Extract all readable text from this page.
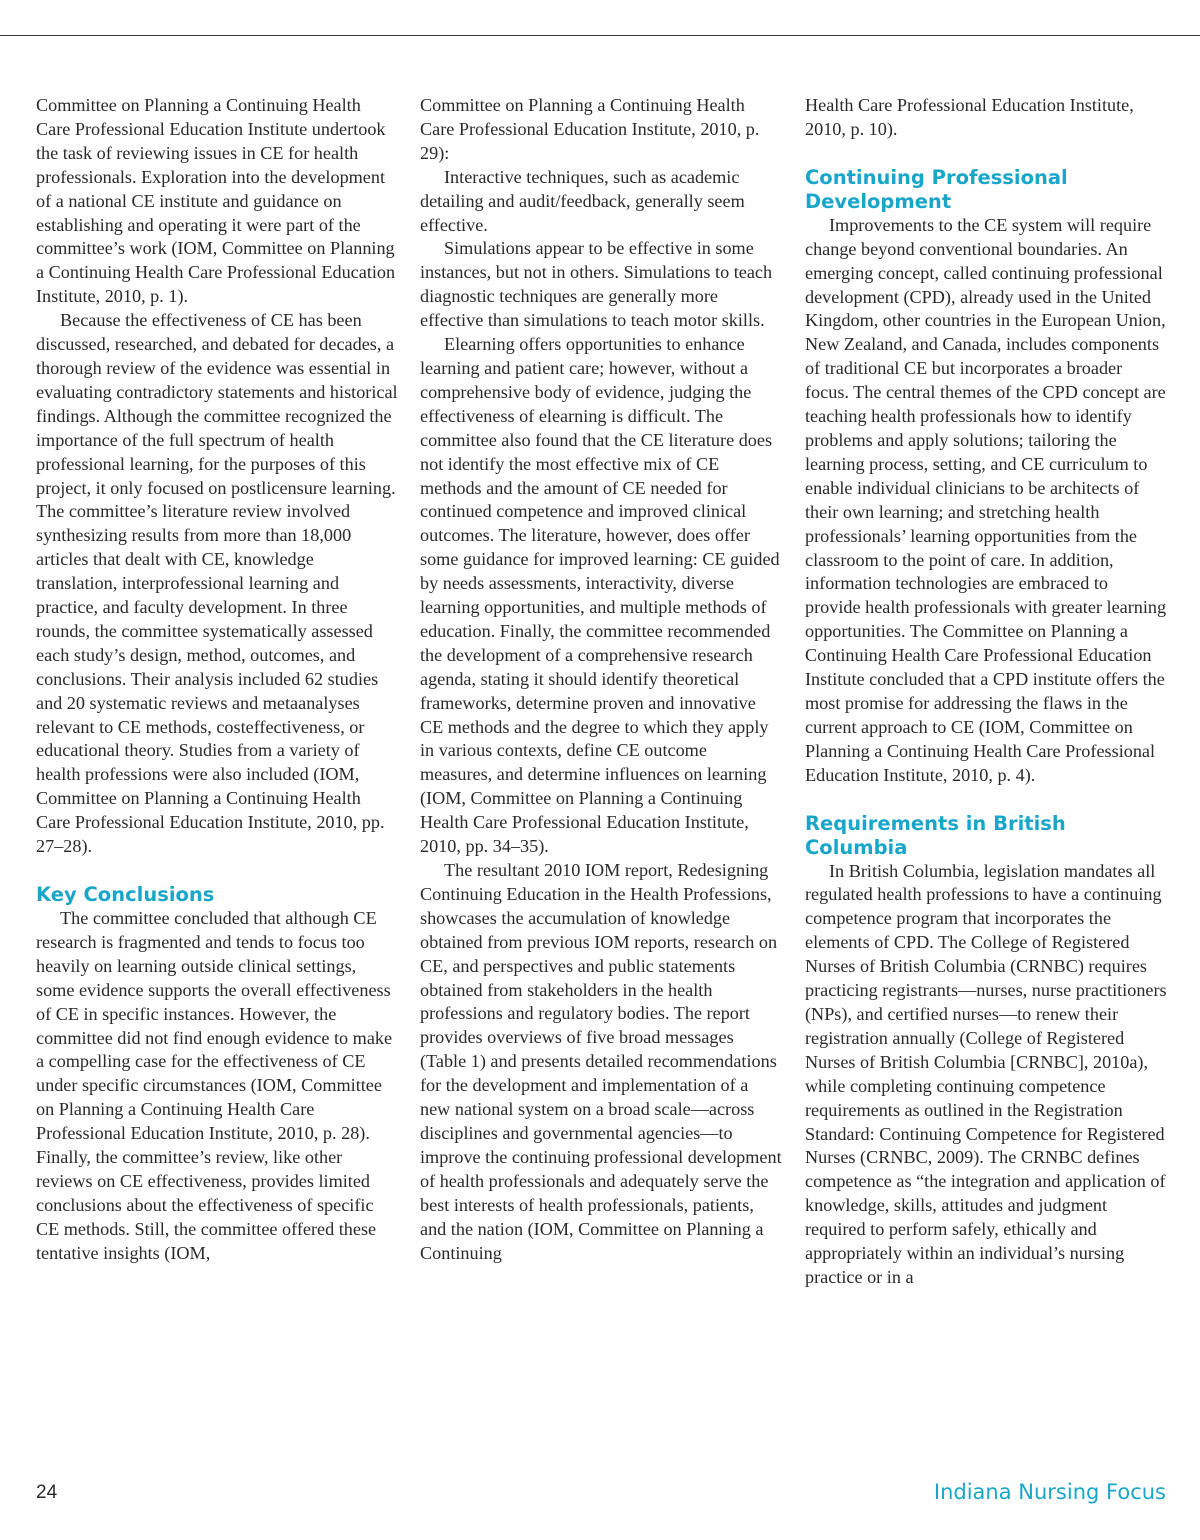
Committee on Planning a Continuing Health Care Professional Education Institute undertook the task of reviewing issues in CE for health professionals. Exploration into the development of a national CE institute and guidance on establishing and operating it were part of the committee’s work (IOM, Committee on Planning a Continuing Health Care Professional Education Institute, 2010, p. 1).

Because the effectiveness of CE has been discussed, researched, and debated for decades, a thorough review of the evidence was essential in evaluating contradictory statements and historical findings. Although the committee recognized the importance of the full spectrum of health professional learning, for the purposes of this project, it only focused on postlicensure learning. The committee’s literature review involved synthesizing results from more than 18,000 articles that dealt with CE, knowledge translation, interprofessional learning and practice, and faculty development. In three rounds, the committee systematically assessed each study’s design, method, outcomes, and conclusions. Their analysis included 62 studies and 20 systematic reviews and metaanalyses relevant to CE methods, costeffectiveness, or educational theory. Studies from a variety of health professions were also included (IOM, Committee on Planning a Continuing Health Care Professional Education Institute, 2010, pp. 27–28).

Key Conclusions

The committee concluded that although CE research is fragmented and tends to focus too heavily on learning outside clinical settings, some evidence supports the overall effectiveness of CE in specific instances. However, the committee did not find enough evidence to make a compelling case for the effectiveness of CE under specific circumstances (IOM, Committee on Planning a Continuing Health Care Professional Education Institute, 2010, p. 28). Finally, the committee’s review, like other reviews on CE effectiveness, provides limited conclusions about the effectiveness of specific CE methods. Still, the committee offered these tentative insights (IOM,

Committee on Planning a Continuing Health Care Professional Education Institute, 2010, p. 29):

Interactive techniques, such as academic detailing and audit/feedback, generally seem effective.

Simulations appear to be effective in some instances, but not in others. Simulations to teach diagnostic techniques are generally more effective than simulations to teach motor skills.

Elearning offers opportunities to enhance learning and patient care; however, without a comprehensive body of evidence, judging the effectiveness of elearning is difficult. The committee also found that the CE literature does not identify the most effective mix of CE methods and the amount of CE needed for continued competence and improved clinical outcomes. The literature, however, does offer some guidance for improved learning: CE guided by needs assessments, interactivity, diverse learning opportunities, and multiple methods of education. Finally, the committee recommended the development of a comprehensive research agenda, stating it should identify theoretical frameworks, determine proven and innovative CE methods and the degree to which they apply in various contexts, define CE outcome measures, and determine influences on learning (IOM, Committee on Planning a Continuing Health Care Professional Education Institute, 2010, pp. 34–35).

The resultant 2010 IOM report, Redesigning Continuing Education in the Health Professions, showcases the accumulation of knowledge obtained from previous IOM reports, research on CE, and perspectives and public statements obtained from stakeholders in the health professions and regulatory bodies. The report provides overviews of five broad messages (Table 1) and presents detailed recommendations for the development and implementation of a new national system on a broad scale—across disciplines and governmental agencies—to improve the continuing professional development of health professionals and adequately serve the best interests of health professionals, patients, and the nation (IOM, Committee on Planning a Continuing

Health Care Professional Education Institute, 2010, p. 10).

Continuing Professional Development

Improvements to the CE system will require change beyond conventional boundaries. An emerging concept, called continuing professional development (CPD), already used in the United Kingdom, other countries in the European Union, New Zealand, and Canada, includes components of traditional CE but incorporates a broader focus. The central themes of the CPD concept are teaching health professionals how to identify problems and apply solutions; tailoring the learning process, setting, and CE curriculum to enable individual clinicians to be architects of their own learning; and stretching health professionals’ learning opportunities from the classroom to the point of care. In addition, information technologies are embraced to provide health professionals with greater learning opportunities. The Committee on Planning a Continuing Health Care Professional Education Institute concluded that a CPD institute offers the most promise for addressing the flaws in the current approach to CE (IOM, Committee on Planning a Continuing Health Care Professional Education Institute, 2010, p. 4).

Requirements in British Columbia

In British Columbia, legislation mandates all regulated health professions to have a continuing competence program that incorporates the elements of CPD. The College of Registered Nurses of British Columbia (CRNBC) requires practicing registrants—nurses, nurse practitioners (NPs), and certified nurses—to renew their registration annually (College of Registered Nurses of British Columbia [CRNBC], 2010a), while completing continuing competence requirements as outlined in the Registration Standard: Continuing Competence for Registered Nurses (CRNBC, 2009). The CRNBC defines competence as “the integration and application of knowledge, skills, attitudes and judgment required to perform safely, ethically and appropriately within an individual’s nursing practice or in a

24	Indiana Nursing Focus
